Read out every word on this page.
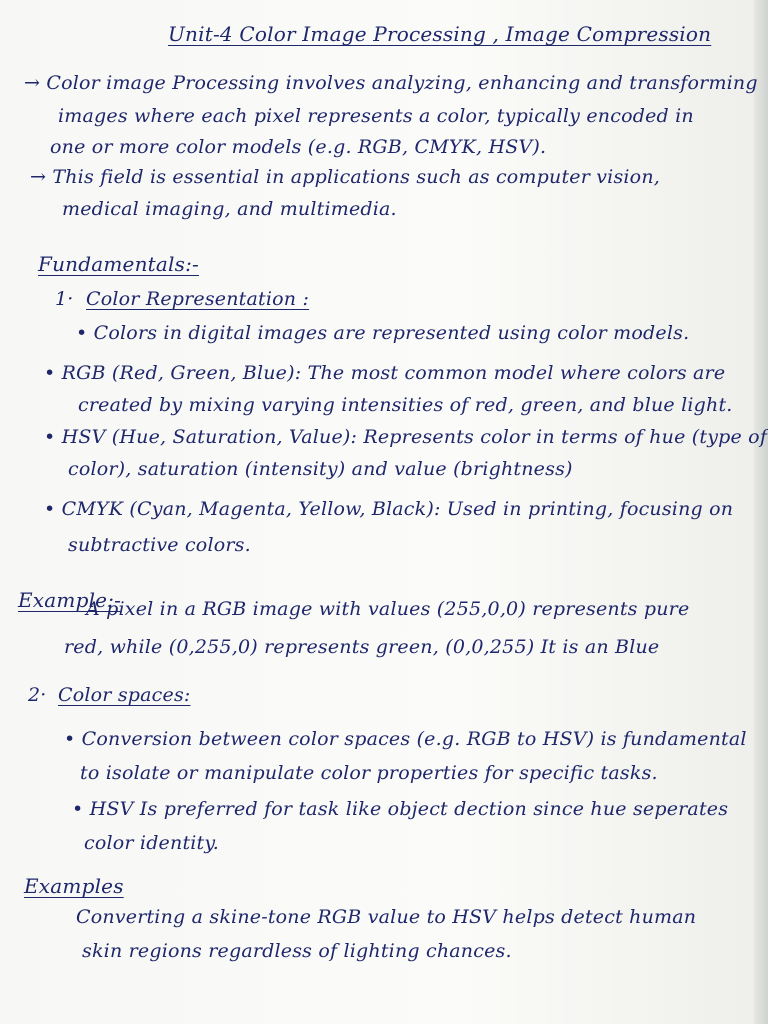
Unit-4 Color Image Processing , Image Compression
→ Color image Processing involves analyzing, enhancing and transforming
images where each pixel represents a color, typically encoded in
one or more color models (e.g. RGB, CMYK, HSV).
→ This field is essential in applications such as computer vision,
medical imaging, and multimedia.
Fundamentals:-
1· Color Representation :
• Colors in digital images are represented using color models.
• RGB (Red, Green, Blue): The most common model where colors are
created by mixing varying intensities of red, green, and blue light.
• HSV (Hue, Saturation, Value): Represents color in terms of hue (type of
color), saturation (intensity) and value (brightness)
• CMYK (Cyan, Magenta, Yellow, Black): Used in printing, focusing on
subtractive colors.
Example:-
A pixel in a RGB image with values (255,0,0) represents pure
red, while (0,255,0) represents green, (0,0,255) It is an Blue
2· Color spaces:
• Conversion between color spaces (e.g. RGB to HSV) is fundamental
to isolate or manipulate color properties for specific tasks.
• HSV Is preferred for task like object dection since hue seperates
color identity.
Examples
Converting a skine-tone RGB value to HSV helps detect human
skin regions regardless of lighting chances.
